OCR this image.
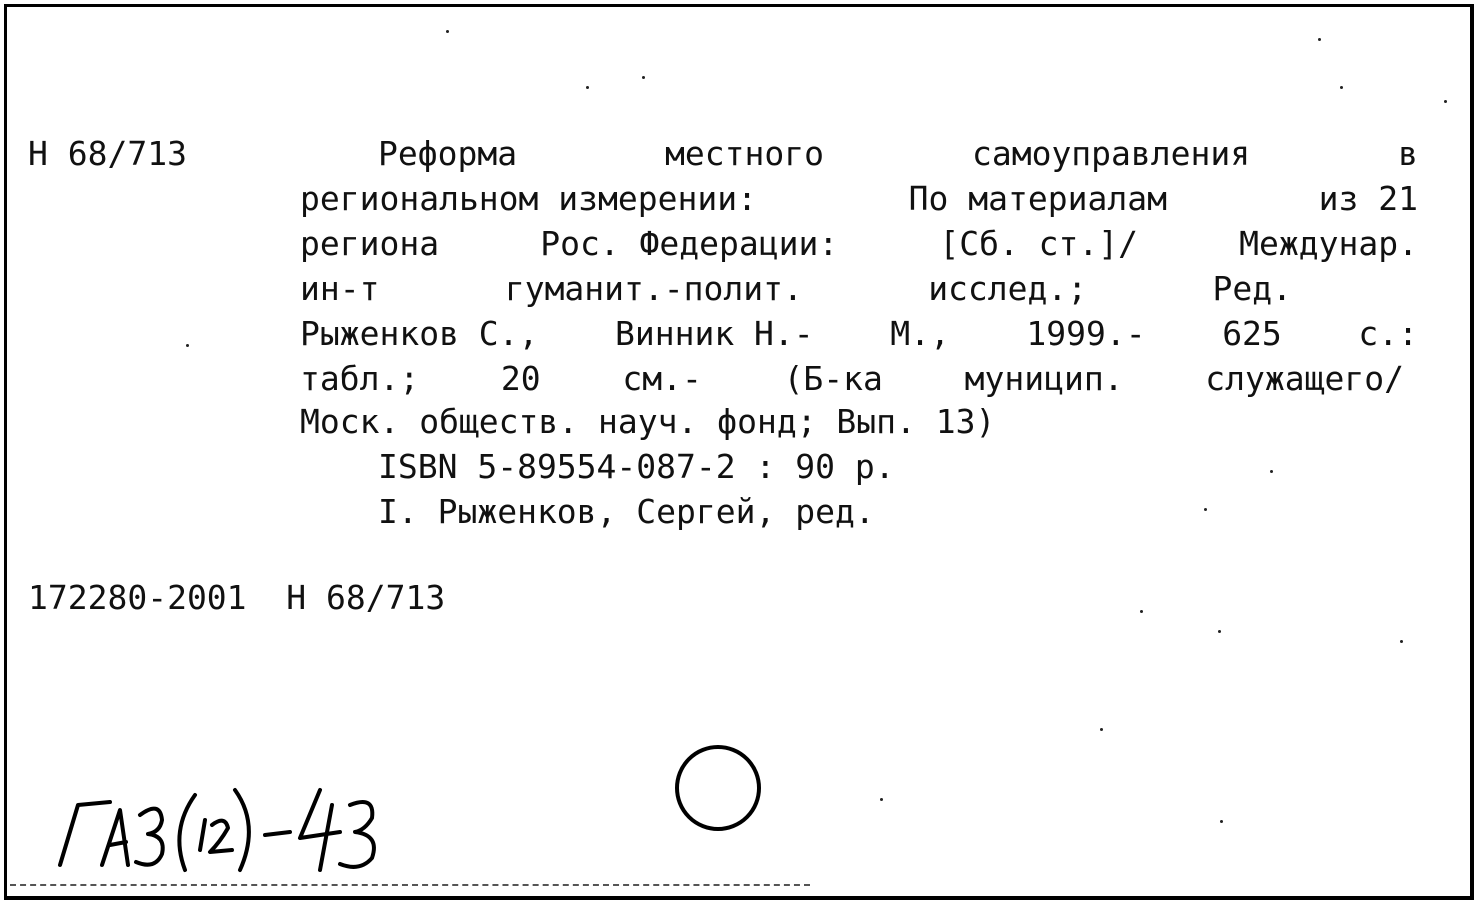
Н 68/713	Реформа	местного	самоуправления	в
региональном измерении:	По материалам	из 21
региона	Рос. Федерации:	[Сб. ст.]/	Междунар.
ин-т	гуманит.-полит.	исслед.;	Ред.
Рыженков С., Винник Н.- М., 1999.- 625 с.:
табл.; 20 см.- (Б-ка муницип. служащего/
Моск. обществ. науч. фонд; Вып. 13)
ISBN 5-89554-087-2 : 90 р.
I. Рыженков, Сергей, ред.
172280-2001  Н 68/713
